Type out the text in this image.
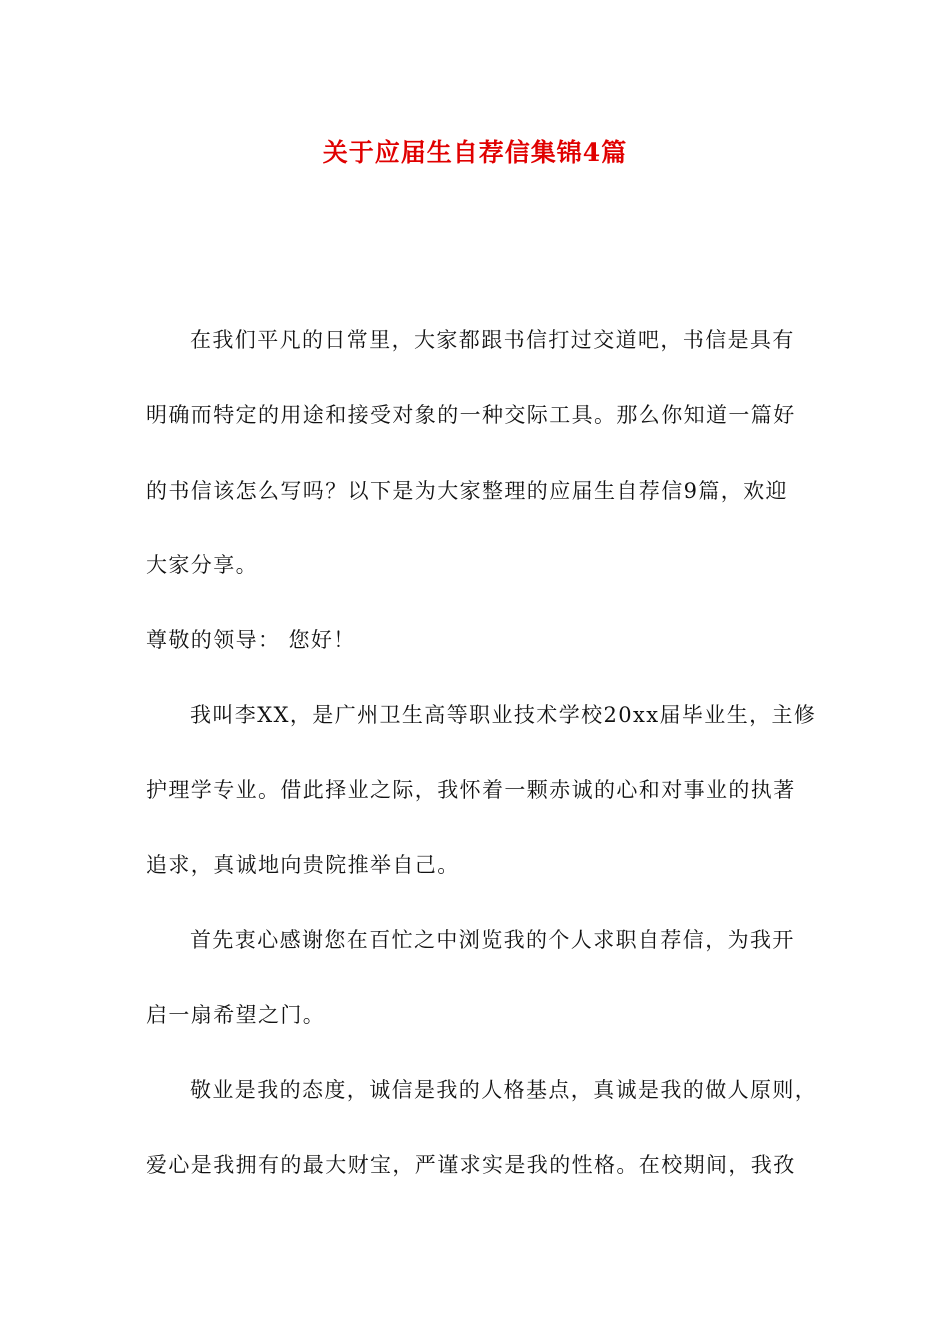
关于应届生自荐信集锦4篇
在我们平凡的日常里，大家都跟书信打过交道吧，书信是具有
明确而特定的用途和接受对象的一种交际工具。那么你知道一篇好
的书信该怎么写吗？以下是为大家整理的应届生自荐信9篇，欢迎
大家分享。
尊敬的领导： 您好！
我叫李XX，是广州卫生高等职业技术学校20xx届毕业生，主修
护理学专业。借此择业之际，我怀着一颗赤诚的心和对事业的执著
追求，真诚地向贵院推举自己。
首先衷心感谢您在百忙之中浏览我的个人求职自荐信，为我开
启一扇希望之门。
敬业是我的态度，诚信是我的人格基点，真诚是我的做人原则，
爱心是我拥有的最大财宝，严谨求实是我的性格。在校期间，我孜
